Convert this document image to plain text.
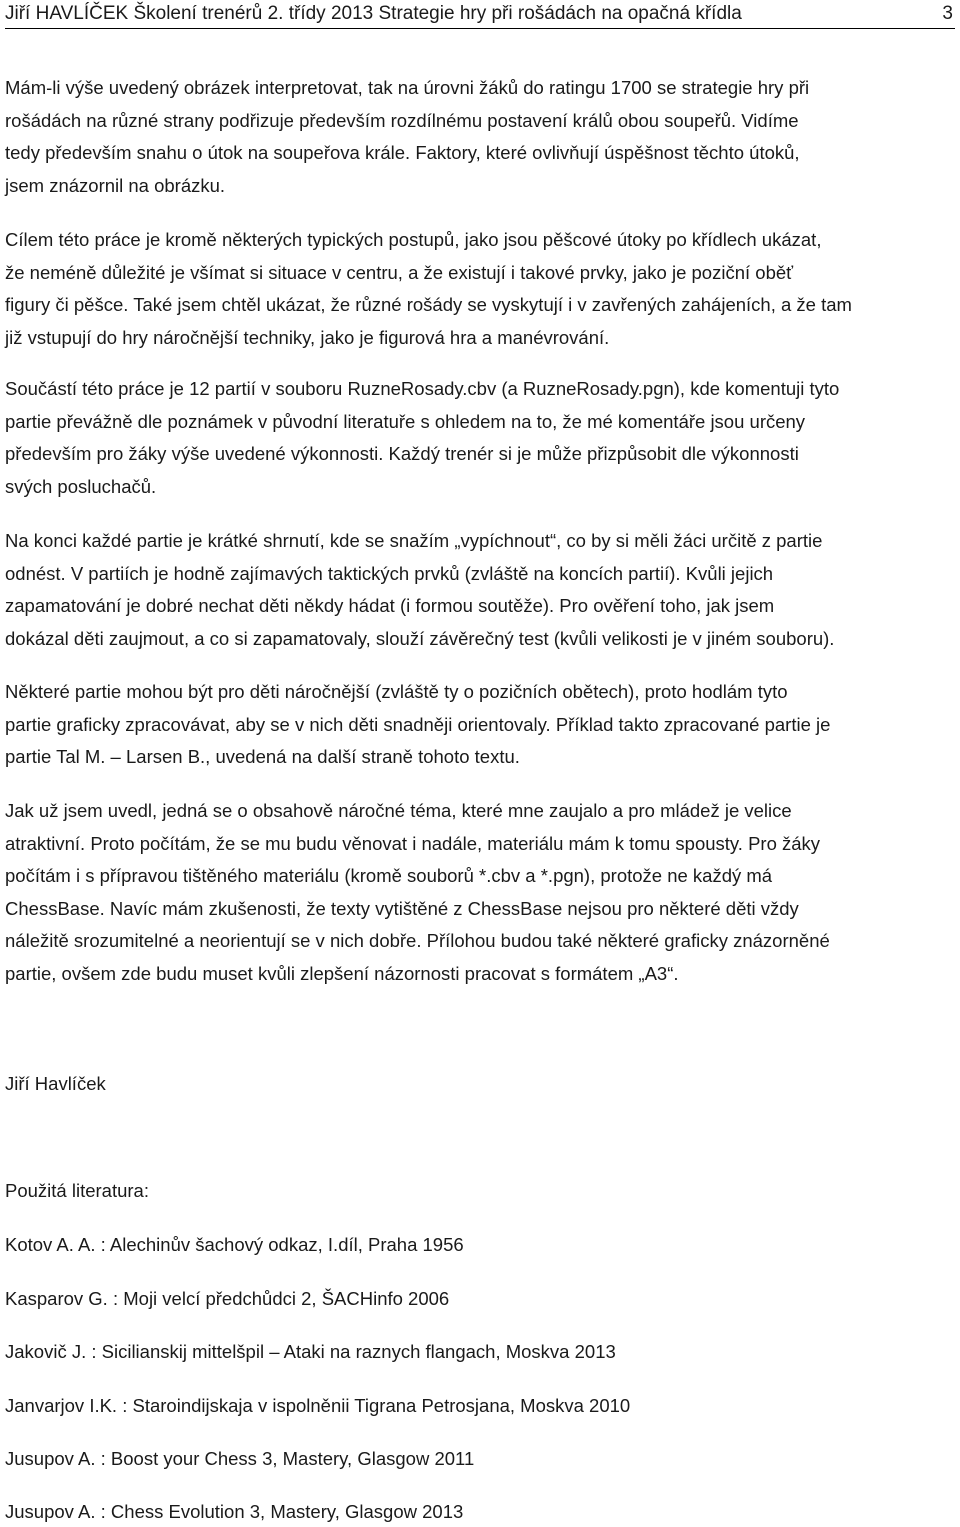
Jiří HAVLÍČEK Školení trenérů 2. třídy 2013 Strategie hry při rošádách na opačná křídla	3

Mám-li výše uvedený obrázek interpretovat, tak na úrovni žáků do ratingu 1700 se strategie hry při

rošádách na různé strany podřizuje především rozdílnému postavení králů obou soupeřů. Vidíme

tedy především snahu o útok na soupeřova krále. Faktory, které ovlivňují úspěšnost těchto útoků,

jsem znázornil na obrázku.

Cílem této práce je kromě některých typických postupů, jako jsou pěšcové útoky po křídlech ukázat,

že neméně důležité je všímat si situace v centru, a že existují i takové prvky, jako je poziční oběť

figury či pěšce. Také jsem chtěl ukázat, že různé rošády se vyskytují i v zavřených zahájeních, a že tam

již vstupují do hry náročnější techniky, jako je figurová hra a manévrování.

Součástí této práce je 12 partií v souboru RuzneRosady.cbv (a RuzneRosady.pgn), kde komentuji tyto

partie převážně dle poznámek v původní literatuře s ohledem na to, že mé komentáře jsou určeny

především pro žáky výše uvedené výkonnosti. Každý trenér si je může přizpůsobit dle výkonnosti

svých posluchačů.

Na konci každé partie je krátké shrnutí, kde se snažím „vypíchnout“, co by si měli žáci určitě z partie

odnést. V partiích je hodně zajímavých taktických prvků (zvláště na koncích partií). Kvůli jejich

zapamatování je dobré nechat děti někdy hádat (i formou soutěže). Pro ověření toho, jak jsem

dokázal děti zaujmout, a co si zapamatovaly, slouží závěrečný test (kvůli velikosti je v jiném souboru).

Některé partie mohou být pro děti náročnější (zvláště ty o pozičních obětech), proto hodlám tyto

partie graficky zpracovávat, aby se v nich děti snadněji orientovaly. Příklad takto zpracované partie je

partie Tal M. – Larsen B., uvedená na další straně tohoto textu.

Jak už jsem uvedl, jedná se o obsahově náročné téma, které mne zaujalo a pro mládež je velice

atraktivní. Proto počítám, že se mu budu věnovat i nadále, materiálu mám k tomu spousty. Pro žáky

počítám i s přípravou tištěného materiálu (kromě souborů *.cbv a *.pgn), protože ne každý má

ChessBase. Navíc mám zkušenosti, že texty vytištěné z ChessBase nejsou pro některé děti vždy

náležitě srozumitelné a neorientují se v nich dobře. Přílohou budou také některé graficky znázorněné

partie, ovšem zde budu muset kvůli zlepšení názornosti pracovat s formátem „A3“.

Jiří Havlíček

Použitá literatura:

Kotov A. A. : Alechinův šachový odkaz, I.díl, Praha 1956

Kasparov G. : Moji velcí předchůdci 2, ŠACHinfo 2006

Jakovič J. : Sicilianskij mittelšpil – Ataki na raznych flangach, Moskva 2013

Janvarjov I.K. : Staroindijskaja v ispolněnii Tigrana Petrosjana, Moskva 2010

Jusupov A. : Boost your Chess 3, Mastery, Glasgow 2011

Jusupov A. : Chess Evolution 3, Mastery, Glasgow 2013
